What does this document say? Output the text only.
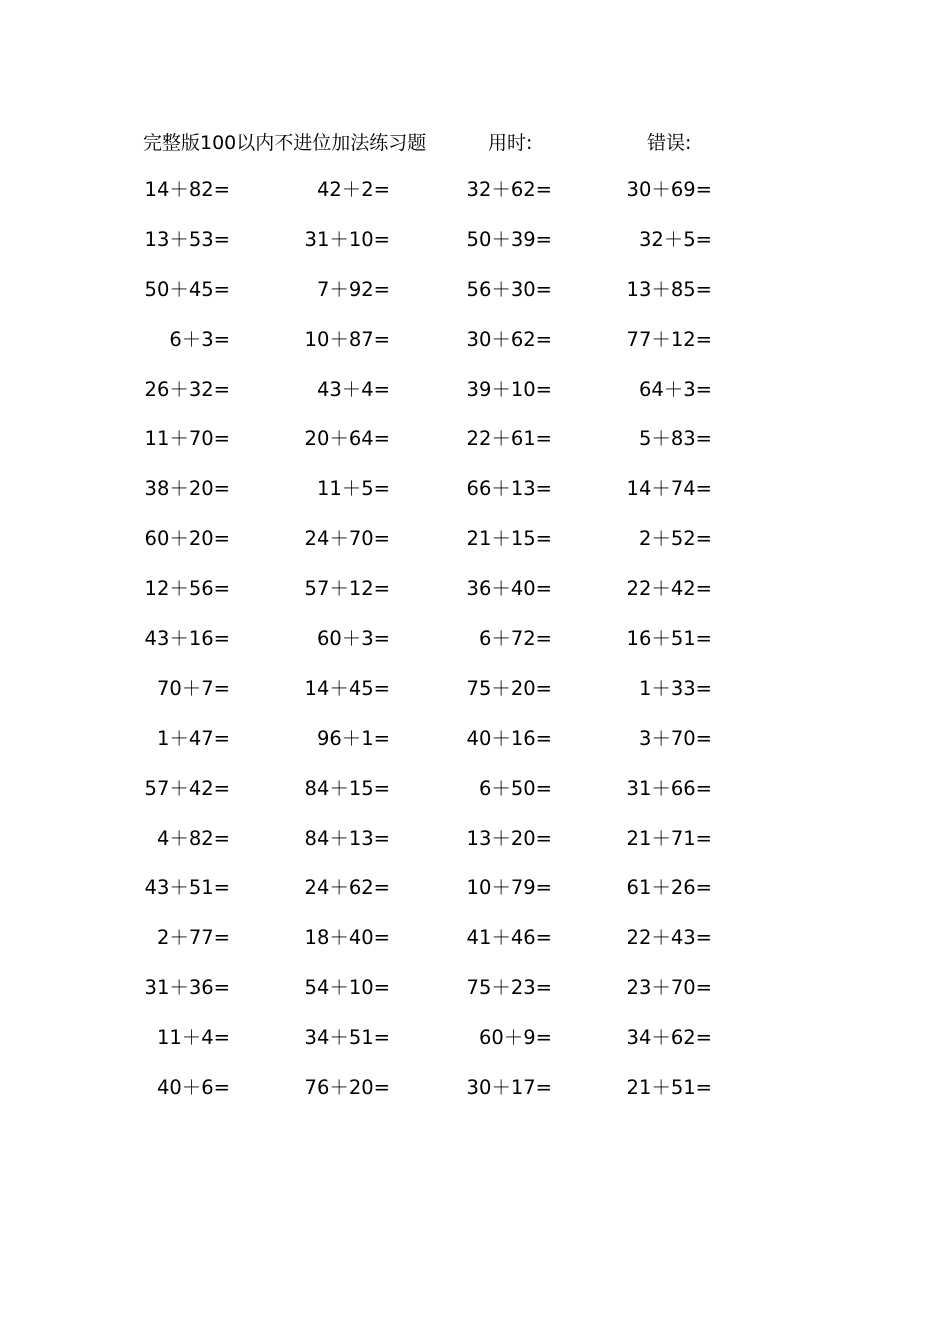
完整版100以内不进位加法练习题	用时:	错误:
14＋82=	42＋2=	32＋62=	30＋69=
13＋53=	31＋10=	50＋39=	32＋5=
50＋45=	7＋92=	56＋30=	13＋85=
6＋3=	10＋87=	30＋62=	77＋12=
26＋32=	43＋4=	39＋10=	64＋3=
11＋70=	20＋64=	22＋61=	5＋83=
38＋20=	11＋5=	66＋13=	14＋74=
60＋20=	24＋70=	21＋15=	2＋52=
12＋56=	57＋12=	36＋40=	22＋42=
43＋16=	60＋3=	6＋72=	16＋51=
70＋7=	14＋45=	75＋20=	1＋33=
1＋47=	96＋1=	40＋16=	3＋70=
57＋42=	84＋15=	6＋50=	31＋66=
4＋82=	84＋13=	13＋20=	21＋71=
43＋51=	24＋62=	10＋79=	61＋26=
2＋77=	18＋40=	41＋46=	22＋43=
31＋36=	54＋10=	75＋23=	23＋70=
11＋4=	34＋51=	60＋9=	34＋62=
40＋6=	76＋20=	30＋17=	21＋51=
